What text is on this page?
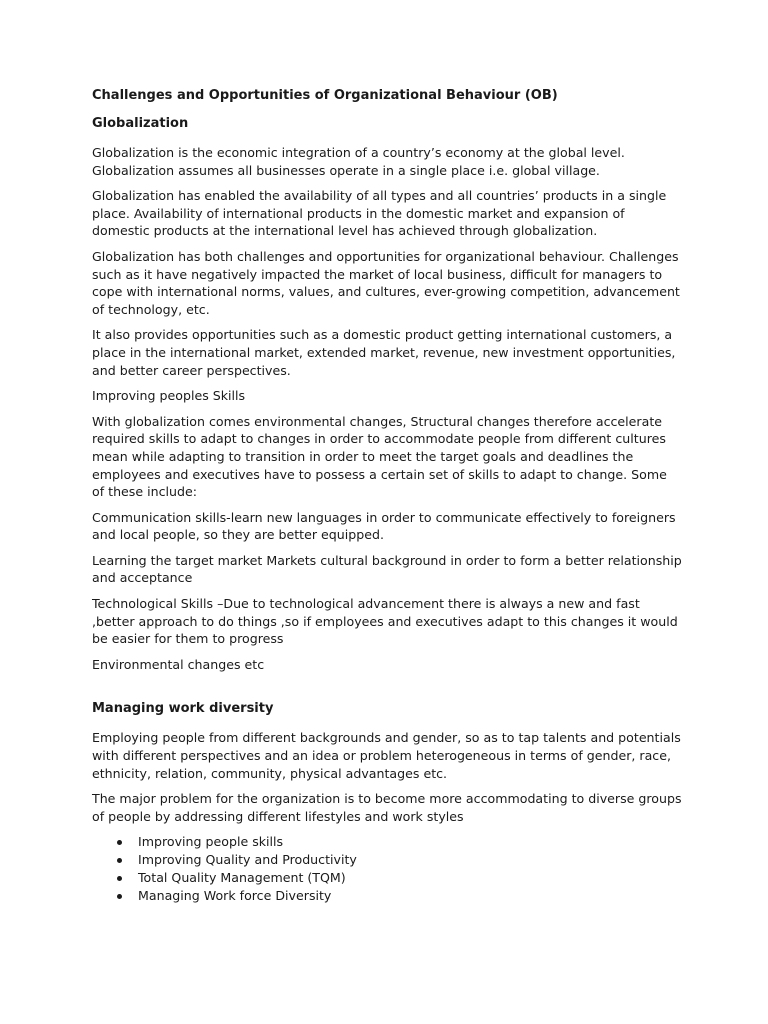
Challenges and Opportunities of Organizational Behaviour (OB)
Globalization

Globalization is the economic integration of a country’s economy at the global level. Globalization assumes all businesses operate in a single place i.e. global village.

Globalization has enabled the availability of all types and all countries’ products in a single place. Availability of international products in the domestic market and expansion of domestic products at the international level has achieved through globalization.

Globalization has both challenges and opportunities for organizational behaviour. Challenges such as it have negatively impacted the market of local business, difficult for managers to cope with international norms, values, and cultures, ever-growing competition, advancement of technology, etc.

It also provides opportunities such as a domestic product getting international customers, a place in the international market, extended market, revenue, new investment opportunities, and better career perspectives.

Improving peoples Skills

With globalization comes environmental changes, Structural changes therefore accelerate required skills to adapt to changes in order to accommodate people from different cultures mean while adapting to transition in order to meet the target goals and deadlines the employees and executives have to possess a certain set of skills to adapt to change. Some of these include:

Communication skills-learn new languages in order to communicate effectively to foreigners and local people, so they are better equipped.

Learning the target market Markets cultural background in order to form a better relationship and acceptance

Technological Skills –Due to technological advancement there is always a new and fast ,better approach to do things ,so if employees and executives adapt to this changes it would be easier for them to progress

Environmental changes etc

Managing work diversity

Employing people from different backgrounds and gender, so as to tap talents and potentials with different perspectives and an idea or problem heterogeneous in terms of gender, race, ethnicity, relation, community, physical advantages etc.

The major problem for the organization is to become more accommodating to diverse groups of people by addressing different lifestyles and work styles

Improving people skills
Improving Quality and Productivity
Total Quality Management (TQM)
Managing Work force Diversity
